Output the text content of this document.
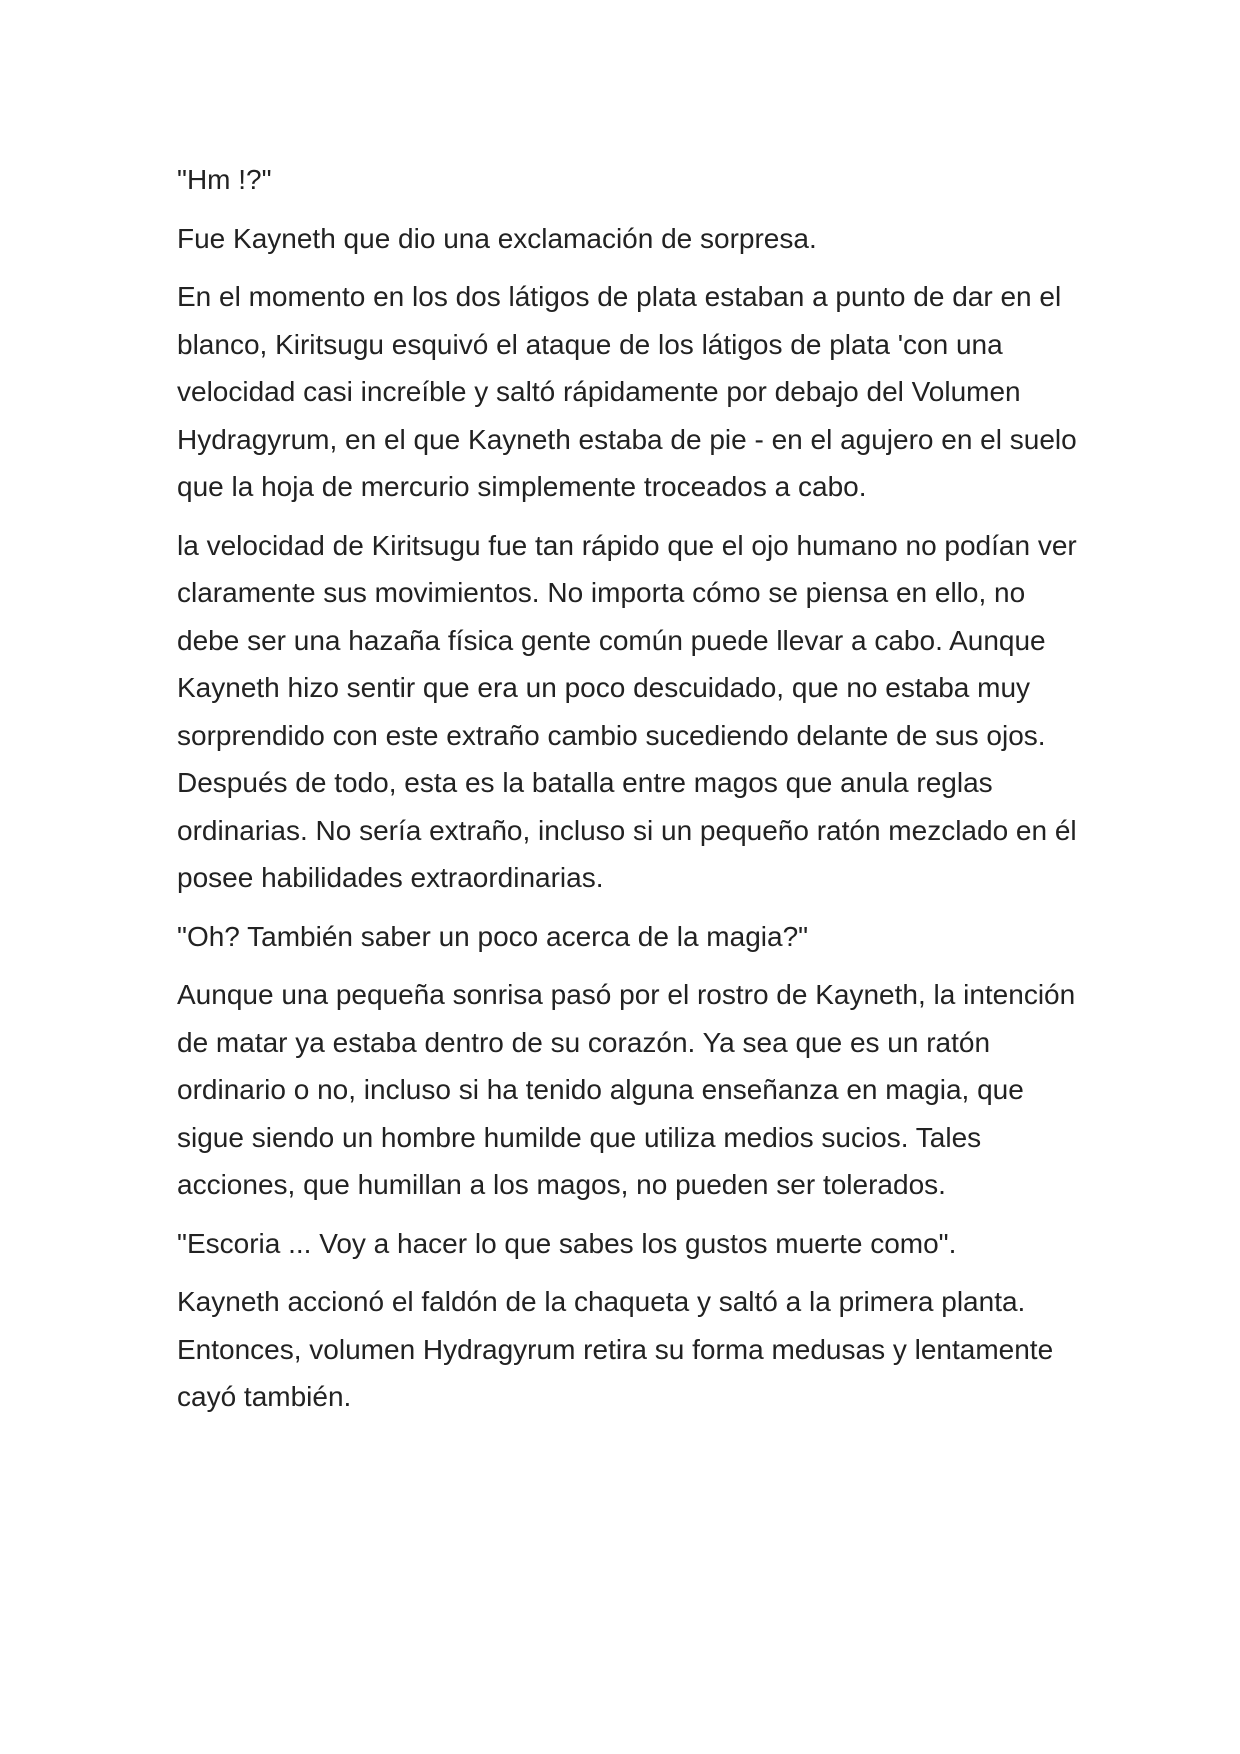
"Hm !?"

Fue Kayneth que dio una exclamación de sorpresa.

En el momento en los dos látigos de plata estaban a punto de dar en el blanco, Kiritsugu esquivó el ataque de los látigos de plata 'con una velocidad casi increíble y saltó rápidamente por debajo del Volumen Hydragyrum, en el que Kayneth estaba de pie - en el agujero en el suelo que la hoja de mercurio simplemente troceados a cabo.

la velocidad de Kiritsugu fue tan rápido que el ojo humano no podían ver claramente sus movimientos. No importa cómo se piensa en ello, no debe ser una hazaña física gente común puede llevar a cabo. Aunque Kayneth hizo sentir que era un poco descuidado, que no estaba muy sorprendido con este extraño cambio sucediendo delante de sus ojos. Después de todo, esta es la batalla entre magos que anula reglas ordinarias. No sería extraño, incluso si un pequeño ratón mezclado en él posee habilidades extraordinarias.

"Oh? También saber un poco acerca de la magia?"

Aunque una pequeña sonrisa pasó por el rostro de Kayneth, la intención de matar ya estaba dentro de su corazón. Ya sea que es un ratón ordinario o no, incluso si ha tenido alguna enseñanza en magia, que sigue siendo un hombre humilde que utiliza medios sucios. Tales acciones, que humillan a los magos, no pueden ser tolerados.

"Escoria ... Voy a hacer lo que sabes los gustos muerte como".

Kayneth accionó el faldón de la chaqueta y saltó a la primera planta. Entonces, volumen Hydragyrum retira su forma medusas y lentamente cayó también.
